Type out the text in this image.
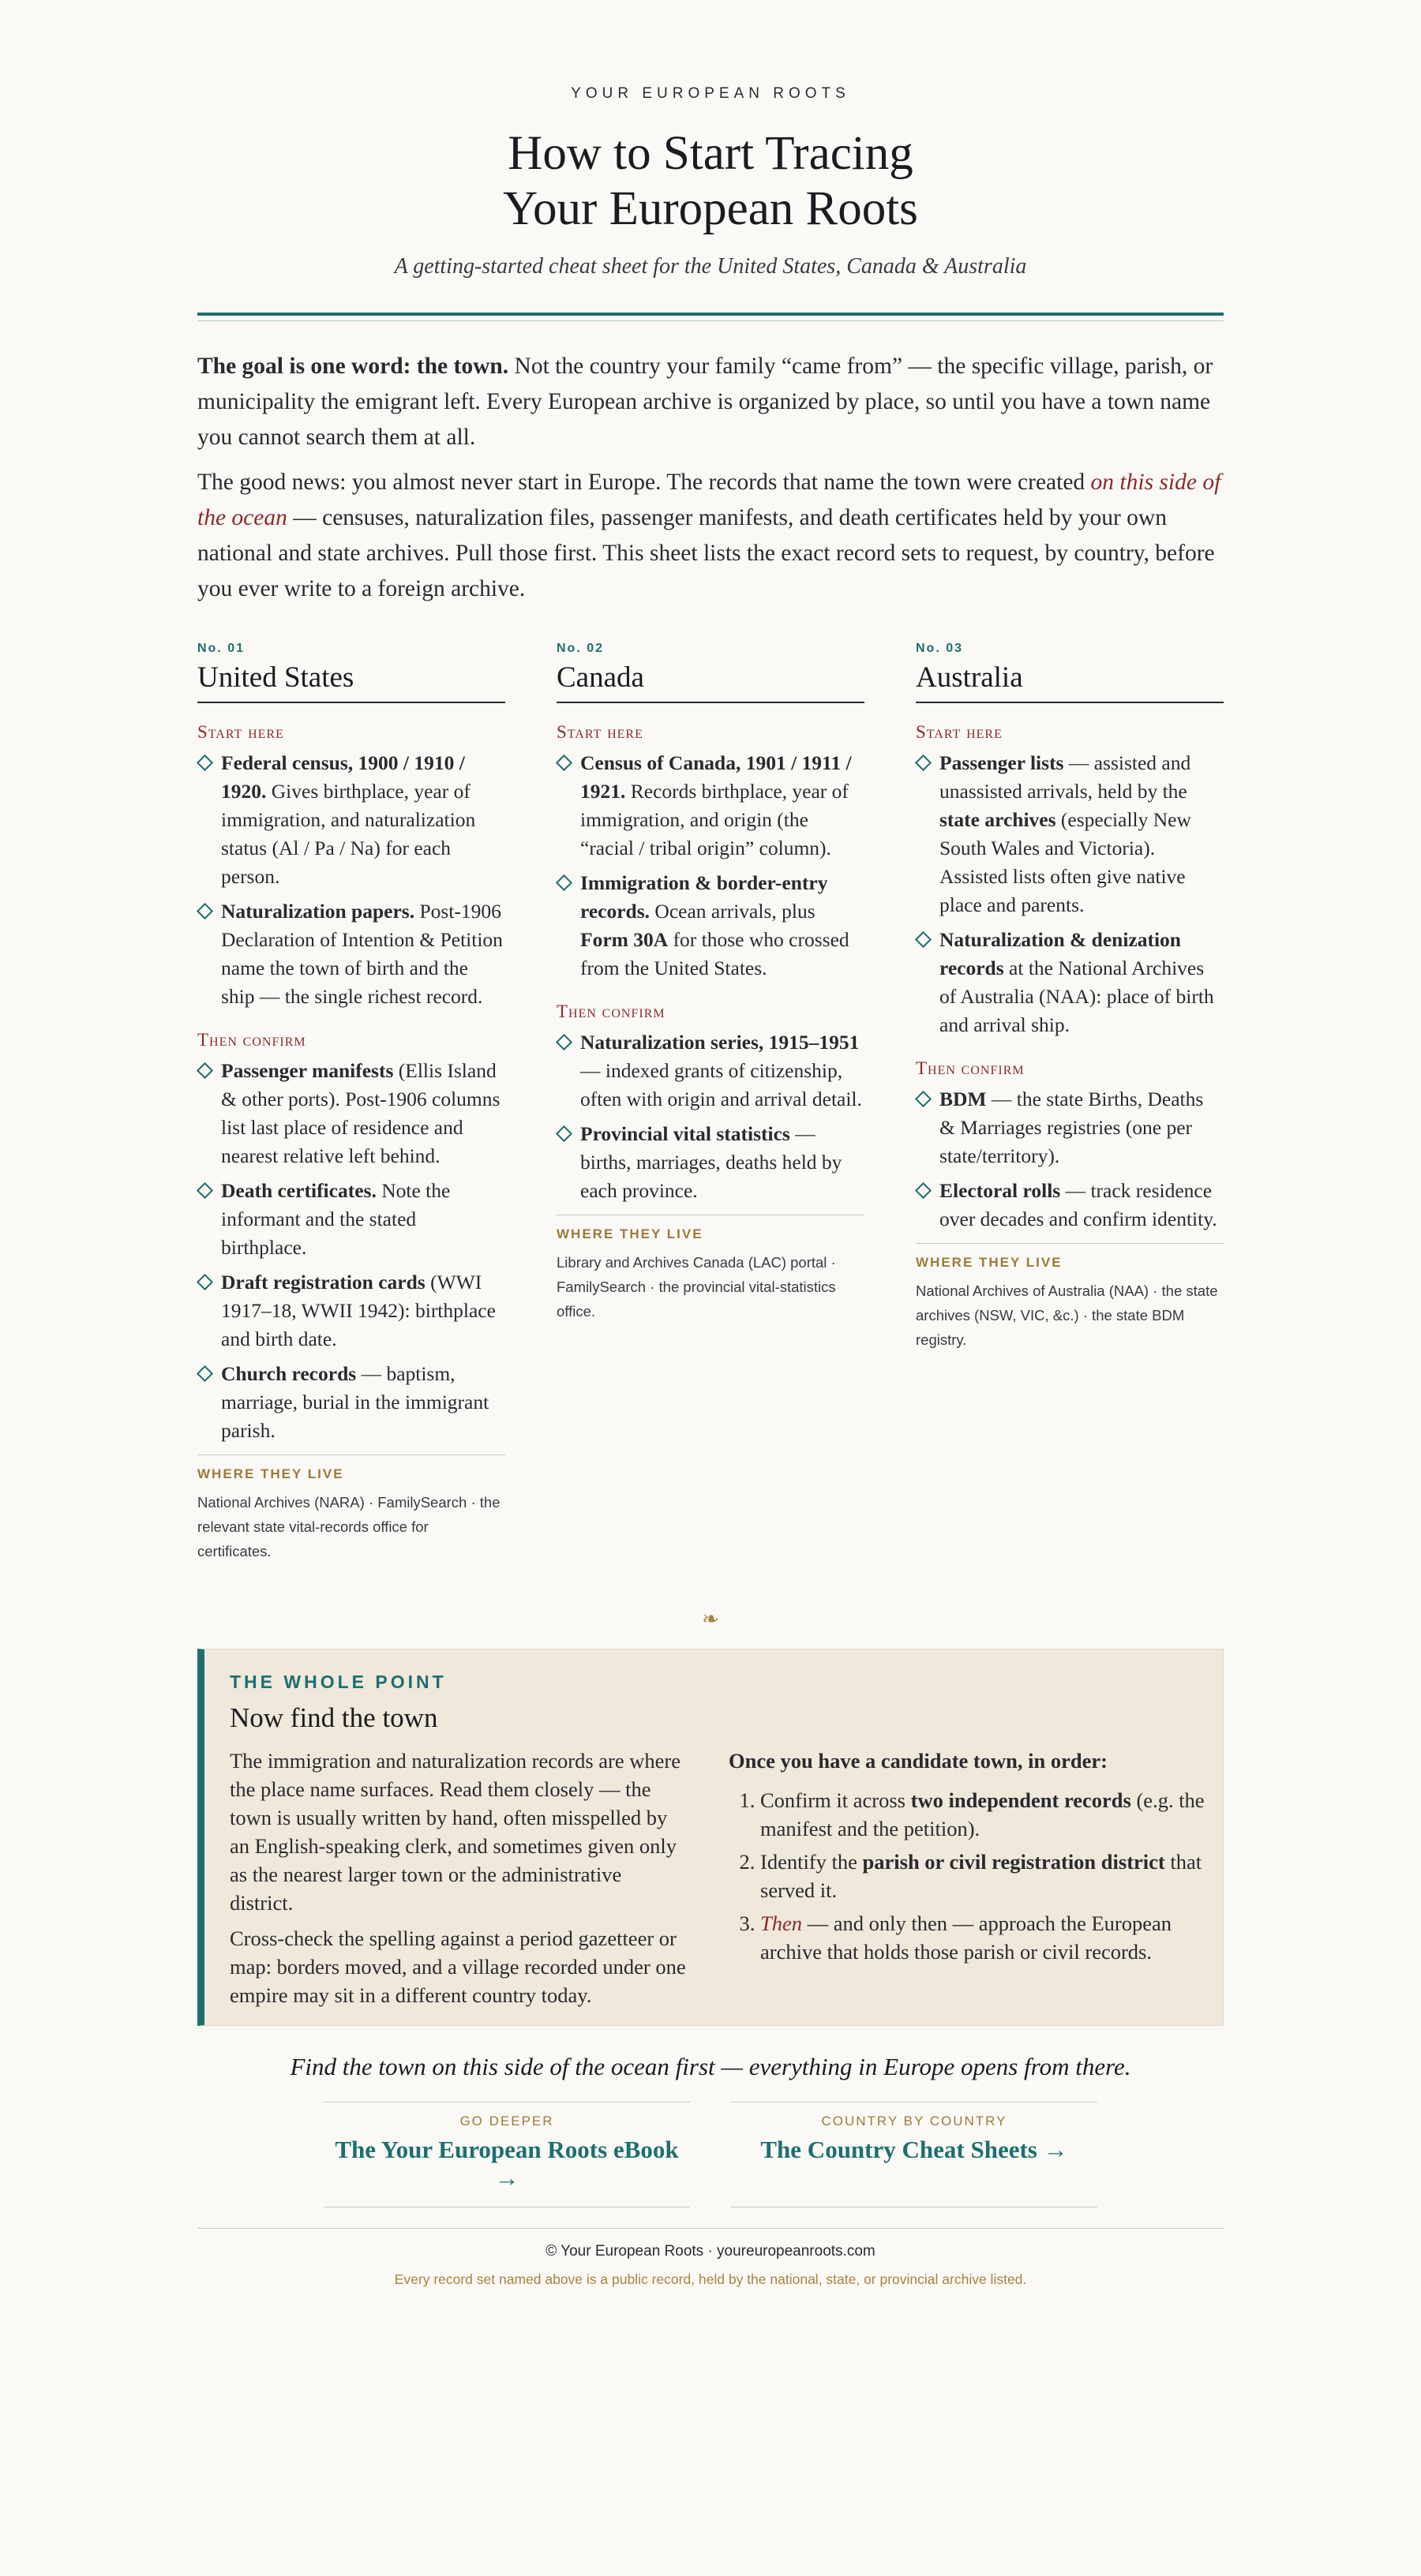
YOUR EUROPEAN ROOTS
How to Start Tracing
Your European Roots
A getting-started cheat sheet for the United States, Canada & Australia

The goal is one word: the town. Not the country your family “came from” — the specific village, parish, or municipality the emigrant left. Every European archive is organized by place, so until you have a town name you cannot search them at all.

The good news: you almost never start in Europe. The records that name the town were created on this side of the ocean — censuses, naturalization files, passenger manifests, and death certificates held by your own national and state archives. Pull those first. This sheet lists the exact record sets to request, by country, before you ever write to a foreign archive.

No. 01
United States
Start here
Federal census, 1900 / 1910 / 1920. Gives birthplace, year of immigration, and naturalization status (Al / Pa / Na) for each person.
Naturalization papers. Post-1906 Declaration of Intention & Petition name the town of birth and the ship — the single richest record.
Then confirm
Passenger manifests (Ellis Island & other ports). Post-1906 columns list last place of residence and nearest relative left behind.
Death certificates. Note the informant and the stated birthplace.
Draft registration cards (WWI 1917–18, WWII 1942): birthplace and birth date.
Church records — baptism, marriage, burial in the immigrant parish.
WHERE THEY LIVE
National Archives (NARA) · FamilySearch · the relevant state vital-records office for certificates.
No. 02
Canada
Start here
Census of Canada, 1901 / 1911 / 1921. Records birthplace, year of immigration, and origin (the “racial / tribal origin” column).
Immigration & border-entry records. Ocean arrivals, plus Form 30A for those who crossed from the United States.
Then confirm
Naturalization series, 1915–1951 — indexed grants of citizenship, often with origin and arrival detail.
Provincial vital statistics — births, marriages, deaths held by each province.
WHERE THEY LIVE
Library and Archives Canada (LAC) portal · FamilySearch · the provincial vital-statistics office.
No. 03
Australia
Start here
Passenger lists — assisted and unassisted arrivals, held by the state archives (especially New South Wales and Victoria). Assisted lists often give native place and parents.
Naturalization & denization records at the National Archives of Australia (NAA): place of birth and arrival ship.
Then confirm
BDM — the state Births, Deaths & Marriages registries (one per state/territory).
Electoral rolls — track residence over decades and confirm identity.
WHERE THEY LIVE
National Archives of Australia (NAA) · the state archives (NSW, VIC, &c.) · the state BDM registry.
❧
THE WHOLE POINT
Now find the town

The immigration and naturalization records are where the place name surfaces. Read them closely — the town is usually written by hand, often misspelled by an English-speaking clerk, and sometimes given only as the nearest larger town or the administrative district.

Cross-check the spelling against a period gazetteer or map: borders moved, and a village recorded under one empire may sit in a different country today.

Once you have a candidate town, in order:

1. Confirm it across two independent records (e.g. the manifest and the petition).
2. Identify the parish or civil registration district that served it.
3. Then — and only then — approach the European archive that holds those parish or civil records.
Find the town on this side of the ocean first — everything in Europe opens from there.
GO DEEPER
The Your European Roots eBook →
COUNTRY BY COUNTRY
The Country Cheat Sheets →
© Your European Roots · youreuropeanroots.com
Every record set named above is a public record, held by the national, state, or provincial archive listed.
